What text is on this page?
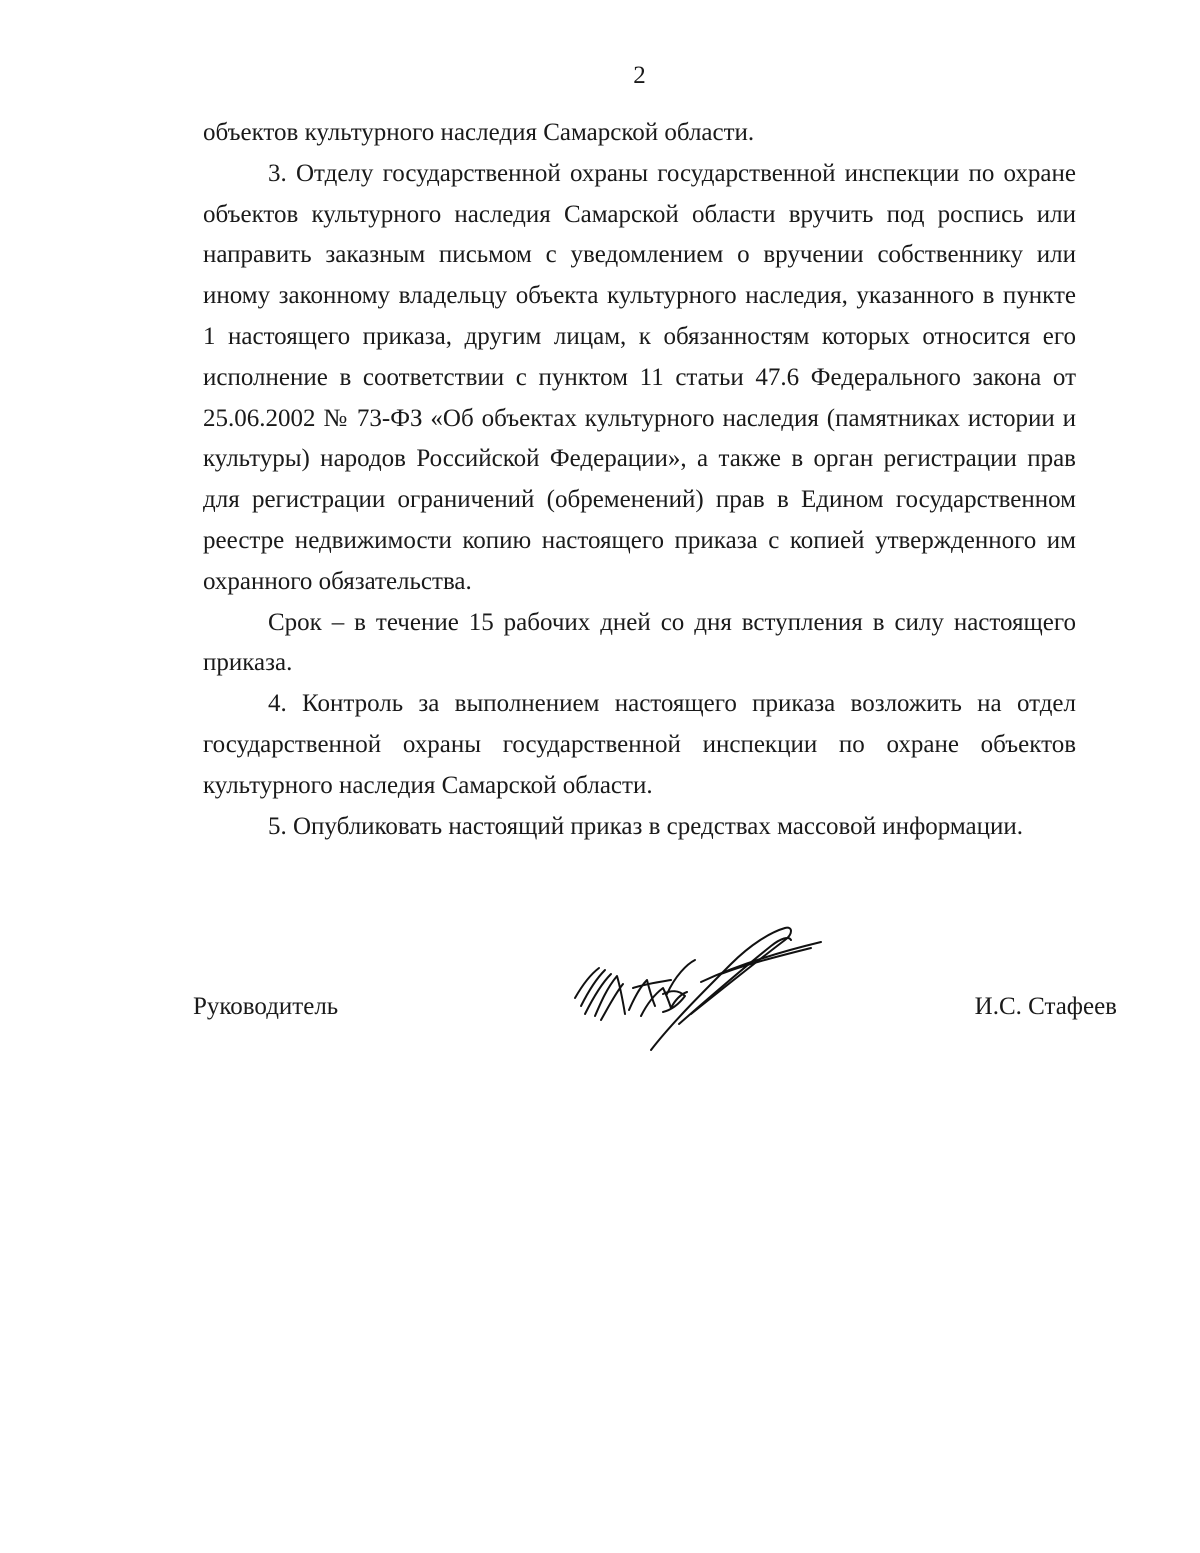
2

объектов культурного наследия Самарской области.

3. Отделу государственной охраны государственной инспекции по охране объектов культурного наследия Самарской области вручить под роспись или направить заказным письмом с уведомлением о вручении собственнику или иному законному владельцу объекта культурного наследия, указанного в пункте 1 настоящего приказа, другим лицам, к обязанностям которых относится его исполнение в соответствии с пунктом 11 статьи 47.6 Федерального закона от 25.06.2002 № 73-ФЗ «Об объектах культурного наследия (памятниках истории и культуры) народов Российской Федерации», а также в орган регистрации прав для регистрации ограничений (обременений) прав в Едином государственном реестре недвижимости копию настоящего приказа с копией утвержденного им охранного обязательства.

Срок – в течение 15 рабочих дней со дня вступления в силу настоящего приказа.

4. Контроль за выполнением настоящего приказа возложить на отдел государственной охраны государственной инспекции по охране объектов культурного наследия Самарской области.

5. Опубликовать настоящий приказ в средствах массовой информации.

Руководитель	И.С. Стафеев
